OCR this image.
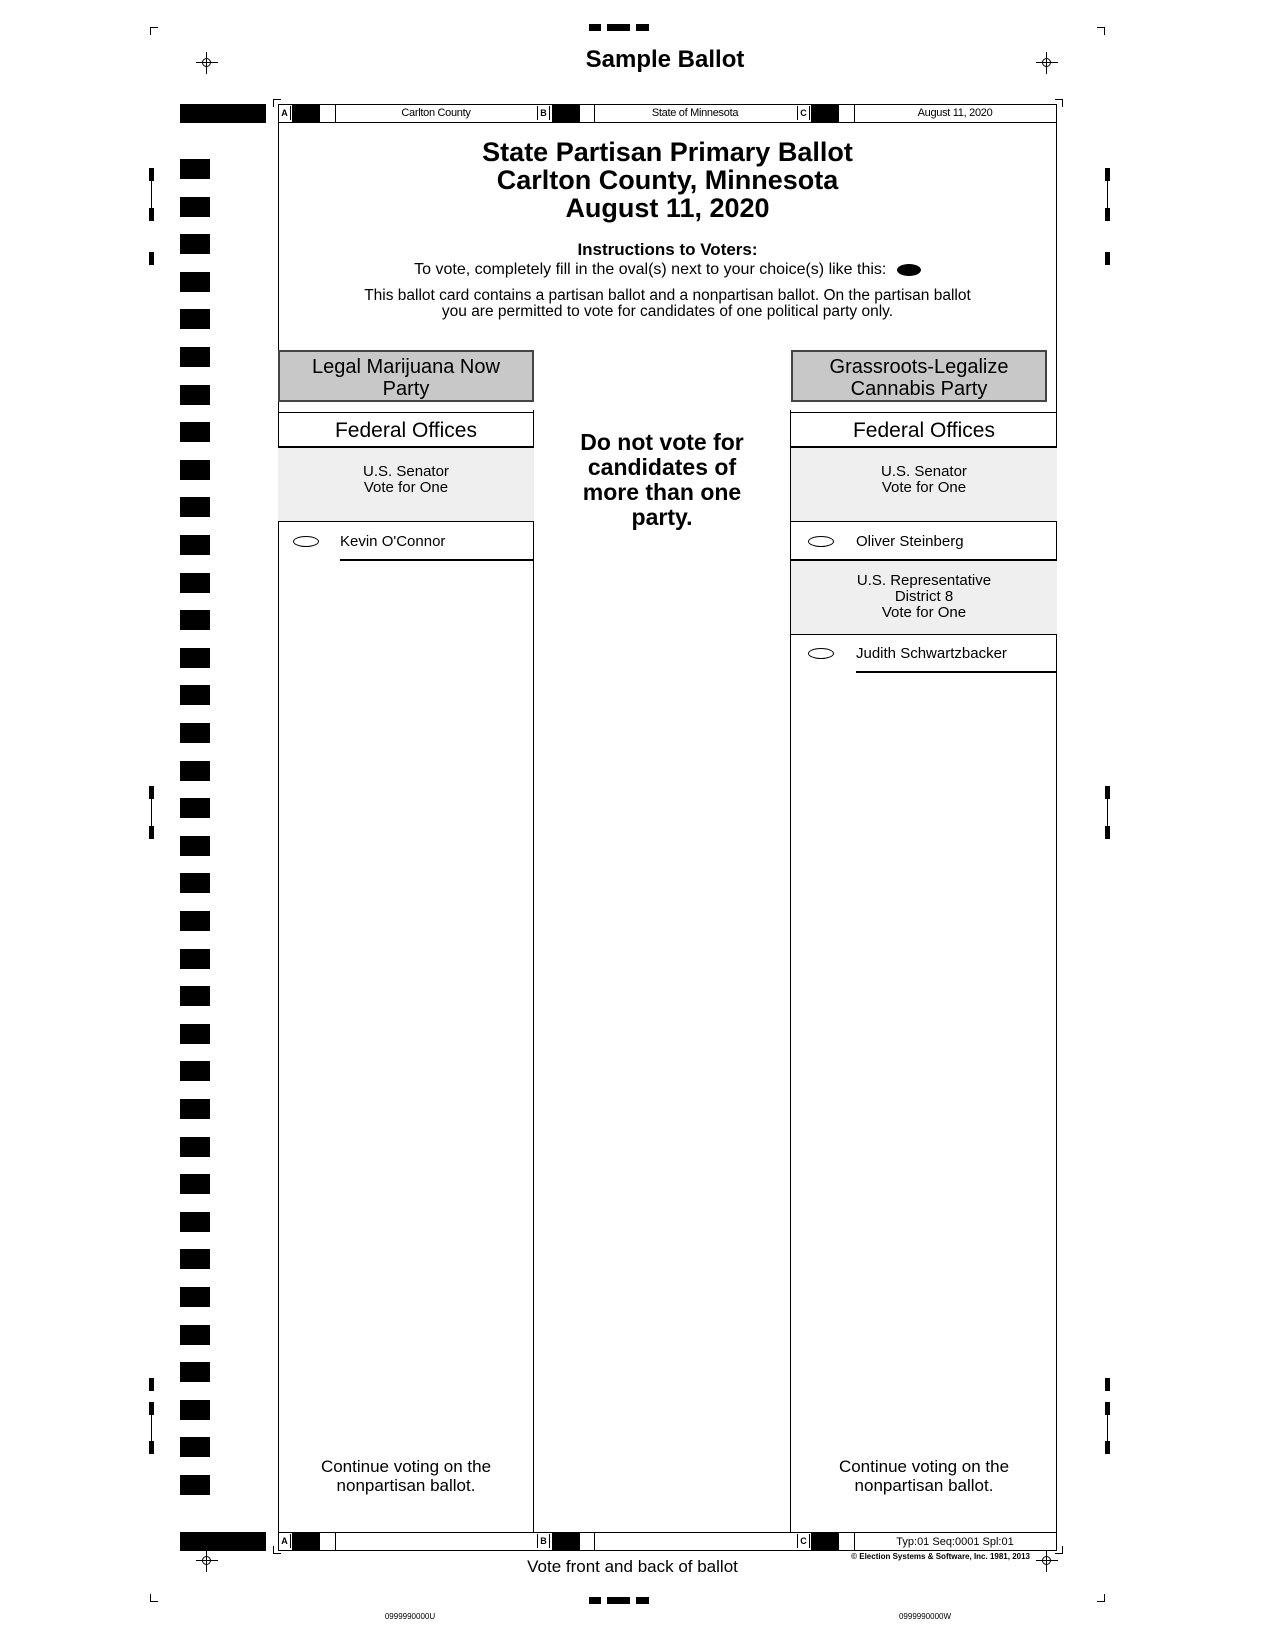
Sample Ballot
A	Carlton County	B	State of Minnesota	C	August 11, 2020
State Partisan Primary Ballot
Carlton County, Minnesota
August 11, 2020
Instructions to Voters:
To vote, completely fill in the oval(s) next to your choice(s) like this:
This ballot card contains a partisan ballot and a nonpartisan ballot. On the partisan ballot
you are permitted to vote for candidates of one political party only.
Legal Marijuana Now
Party
Federal Offices
U.S. Senator
Vote for One
Kevin O'Connor
Continue voting on the
nonpartisan ballot.
Do not vote for
candidates of
more than one
party.
Grassroots-Legalize
Cannabis Party
Federal Offices
U.S. Senator
Vote for One
Oliver Steinberg
U.S. Representative
District 8
Vote for One
Judith Schwartzbacker
Continue voting on the
nonpartisan ballot.
A	B	C	Typ:01 Seq:0001 Spl:01
© Election Systems & Software, Inc. 1981, 2013
Vote front and back of ballot
0999990000U	0999990000W
